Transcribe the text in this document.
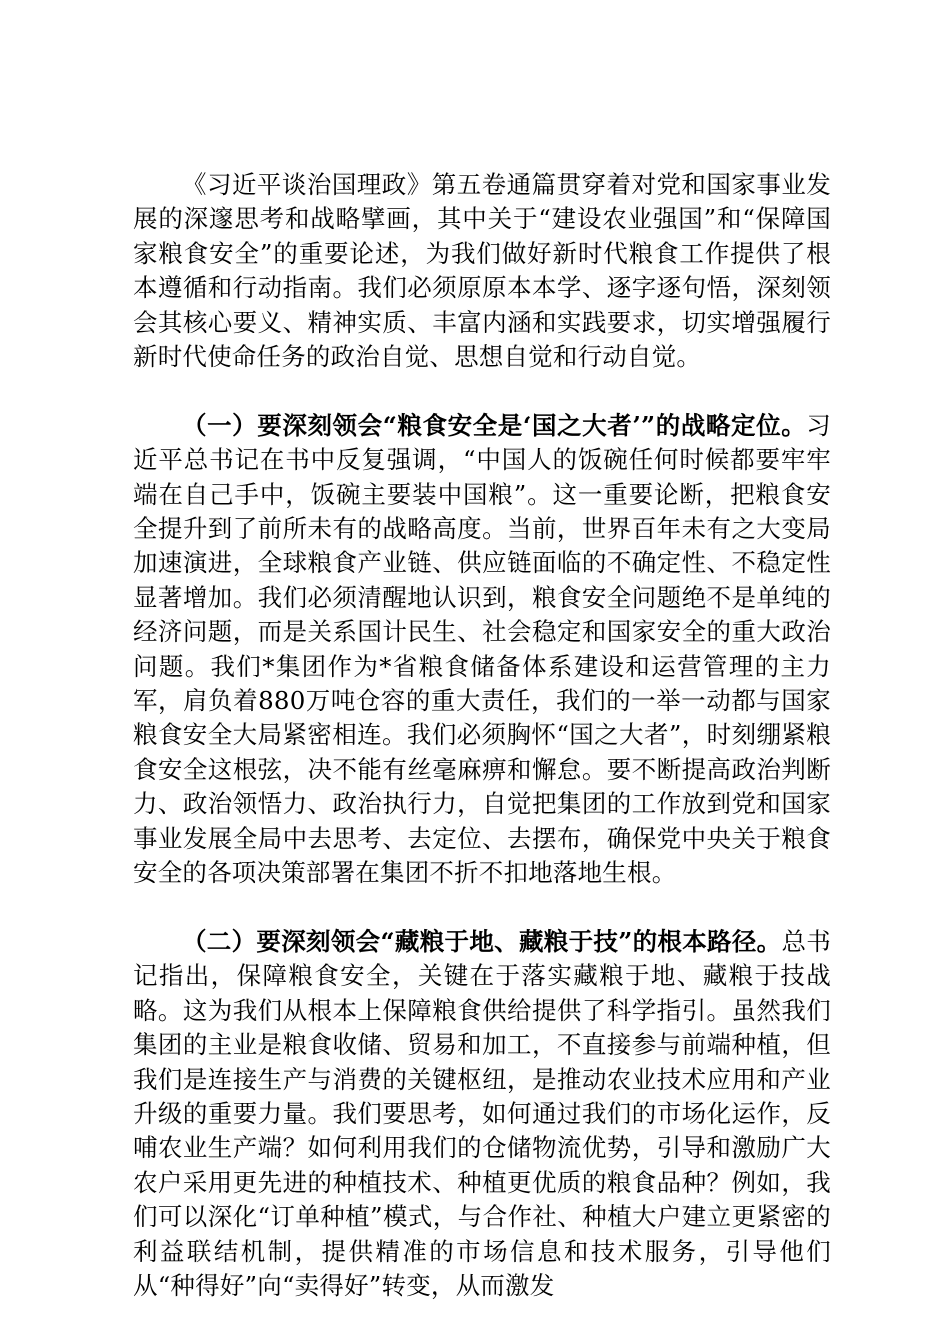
《习近平谈治国理政》第五卷通篇贯穿着对党和国家事业发展的深邃思考和战略擘画，其中关于“建设农业强国”和“保障国家粮食安全”的重要论述，为我们做好新时代粮食工作提供了根本遵循和行动指南。我们必须原原本本学、逐字逐句悟，深刻领会其核心要义、精神实质、丰富内涵和实践要求，切实增强履行新时代使命任务的政治自觉、思想自觉和行动自觉。

（一）要深刻领会“粮食安全是‘国之大者’”的战略定位。习近平总书记在书中反复强调，“中国人的饭碗任何时候都要牢牢端在自己手中，饭碗主要装中国粮”。这一重要论断，把粮食安全提升到了前所未有的战略高度。当前，世界百年未有之大变局加速演进，全球粮食产业链、供应链面临的不确定性、不稳定性显著增加。我们必须清醒地认识到，粮食安全问题绝不是单纯的经济问题，而是关系国计民生、社会稳定和国家安全的重大政治问题。我们*集团作为*省粮食储备体系建设和运营管理的主力军，肩负着880万吨仓容的重大责任，我们的一举一动都与国家粮食安全大局紧密相连。我们必须胸怀“国之大者”，时刻绷紧粮食安全这根弦，决不能有丝毫麻痹和懈怠。要不断提高政治判断力、政治领悟力、政治执行力，自觉把集团的工作放到党和国家事业发展全局中去思考、去定位、去摆布，确保党中央关于粮食安全的各项决策部署在集团不折不扣地落地生根。

（二）要深刻领会“藏粮于地、藏粮于技”的根本路径。总书记指出，保障粮食安全，关键在于落实藏粮于地、藏粮于技战略。这为我们从根本上保障粮食供给提供了科学指引。虽然我们集团的主业是粮食收储、贸易和加工，不直接参与前端种植，但我们是连接生产与消费的关键枢纽，是推动农业技术应用和产业升级的重要力量。我们要思考，如何通过我们的市场化运作，反哺农业生产端？如何利用我们的仓储物流优势，引导和激励广大农户采用更先进的种植技术、种植更优质的粮食品种？例如，我们可以深化“订单种植”模式，与合作社、种植大户建立更紧密的利益联结机制，提供精准的市场信息和技术服务，引导他们从“种得好”向“卖得好”转变，从而激发
